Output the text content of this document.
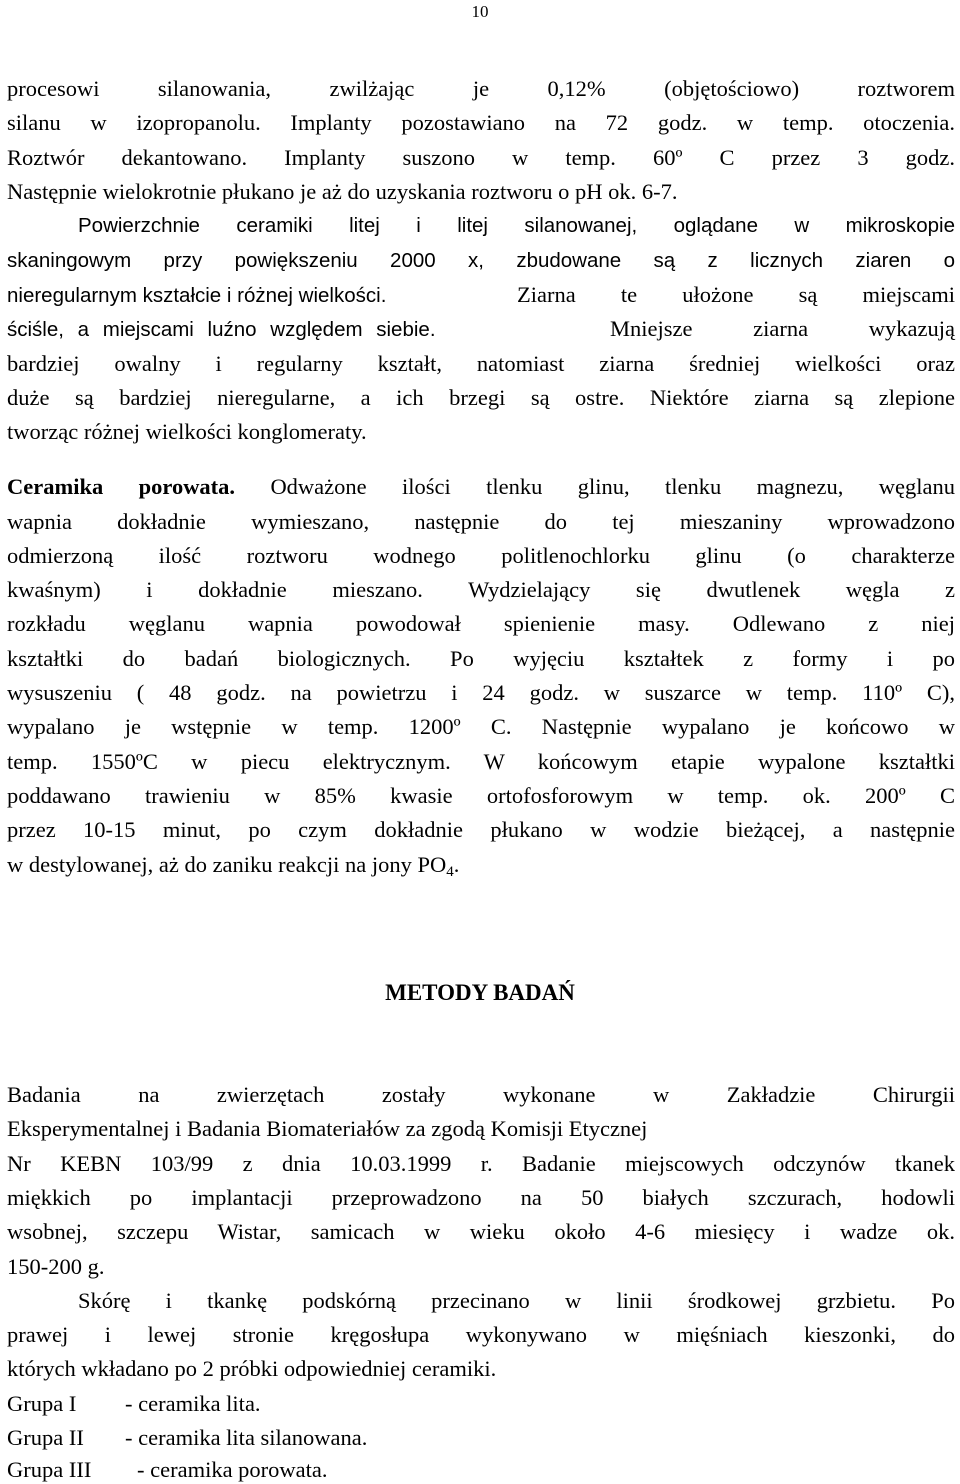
10
procesowi silanowania, zwilżając je 0,12% (objętościowo) roztworem
silanu w izopropanolu. Implanty pozostawiano na 72 godz. w temp. otoczenia.
Roztwór dekantowano. Implanty suszono w temp. 60º C przez 3 godz.
Następnie wielokrotnie płukano je aż do uzyskania roztworu o pH ok. 6-7.
Powierzchnie ceramiki litej i litej silanowanej, oglądane w mikroskopie
skaningowym przy powiększeniu 2000 x, zbudowane są z licznych ziaren o
nieregularnym kształcie i różnej wielkości.	Ziarna te ułożone są miejscami
ściśle, a miejscami luźno względem siebie.	Mniejsze ziarna wykazują
bardziej owalny i regularny kształt, natomiast ziarna średniej wielkości oraz
duże są bardziej nieregularne, a ich brzegi są ostre. Niektóre ziarna są zlepione
tworząc różnej wielkości konglomeraty.
Ceramika porowata. Odważone ilości tlenku glinu, tlenku magnezu, węglanu
wapnia dokładnie wymieszano, następnie do tej mieszaniny wprowadzono
odmierzoną ilość roztworu wodnego politlenochlorku glinu (o charakterze
kwaśnym) i dokładnie mieszano. Wydzielający się dwutlenek węgla z
rozkładu węglanu wapnia powodował spienienie masy. Odlewano z niej
kształtki do badań biologicznych. Po wyjęciu kształtek z formy i po
wysuszeniu ( 48 godz. na powietrzu i 24 godz. w suszarce w temp. 110º C),
wypalano je wstępnie w temp. 1200º C. Następnie wypalano je końcowo w
temp. 1550ºC w piecu elektrycznym. W końcowym etapie wypalone kształtki
poddawano trawieniu w 85% kwasie ortofosforowym w temp. ok. 200º C
przez 10-15 minut, po czym dokładnie płukano w wodzie bieżącej, a następnie
w destylowanej, aż do zaniku reakcji na jony $PO_4$.
METODY BADAŃ
Badania na zwierzętach zostały wykonane w Zakładzie Chirurgii
Eksperymentalnej i Badania Biomateriałów za zgodą Komisji Etycznej
Nr KEBN 103/99 z dnia 10.03.1999 r. Badanie miejscowych odczynów tkanek
miękkich po implantacji przeprowadzono na 50 białych szczurach, hodowli
wsobnej, szczepu Wistar, samicach w wieku około 4-6 miesięcy i wadze ok.
150-200 g.
Skórę i tkankę podskórną przecinano w linii środkowej grzbietu. Po
prawej i lewej stronie kręgosłupa wykonywano w mięśniach kieszonki, do
których wkładano po 2 próbki odpowiedniej ceramiki.
Grupa I - ceramika lita.
Grupa II - ceramika lita silanowana.
Grupa III - ceramika porowata.
